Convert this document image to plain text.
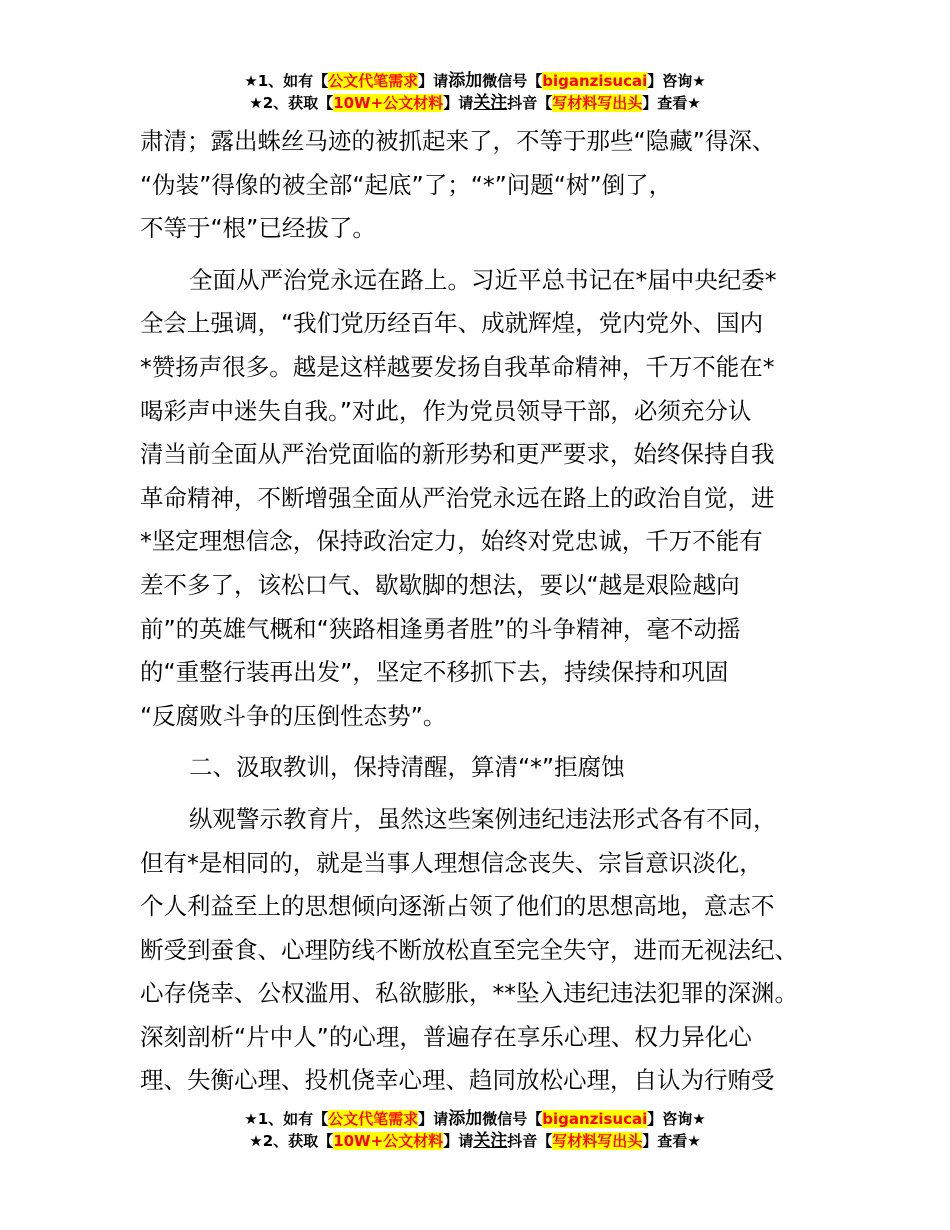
★1、如有【公文代笔需求】请添加微信号【biganzisucai】咨询★
★2、获取【10W+公文材料】请关注抖音【写材料写出头】查看★
肃清；露出蛛丝马迹的被抓起来了，不等于那些“隐藏”得深、
“伪装”得像的被全部“起底”了；“*”问题“树”倒了，
不等于“根”已经拔了。
全面从严治党永远在路上。习近平总书记在*届中央纪委*
全会上强调，“我们党历经百年、成就辉煌，党内党外、国内
*赞扬声很多。越是这样越要发扬自我革命精神，千万不能在*
喝彩声中迷失自我。”对此，作为党员领导干部，必须充分认
清当前全面从严治党面临的新形势和更严要求，始终保持自我
革命精神，不断增强全面从严治党永远在路上的政治自觉，进
*坚定理想信念，保持政治定力，始终对党忠诚，千万不能有
差不多了，该松口气、歇歇脚的想法，要以“越是艰险越向
前”的英雄气概和“狭路相逢勇者胜”的斗争精神，毫不动摇
的“重整行装再出发”，坚定不移抓下去，持续保持和巩固
“反腐败斗争的压倒性态势”。
二、汲取教训，保持清醒，算清“*”拒腐蚀
纵观警示教育片，虽然这些案例违纪违法形式各有不同，
但有*是相同的，就是当事人理想信念丧失、宗旨意识淡化，
个人利益至上的思想倾向逐渐占领了他们的思想高地，意志不
断受到蚕食、心理防线不断放松直至完全失守，进而无视法纪、
心存侥幸、公权滥用、私欲膨胀，**坠入违纪违法犯罪的深渊。
深刻剖析“片中人”的心理，普遍存在享乐心理、权力异化心
理、失衡心理、投机侥幸心理、趋同放松心理，自认为行贿受
★1、如有【公文代笔需求】请添加微信号【biganzisucai】咨询★
★2、获取【10W+公文材料】请关注抖音【写材料写出头】查看★
